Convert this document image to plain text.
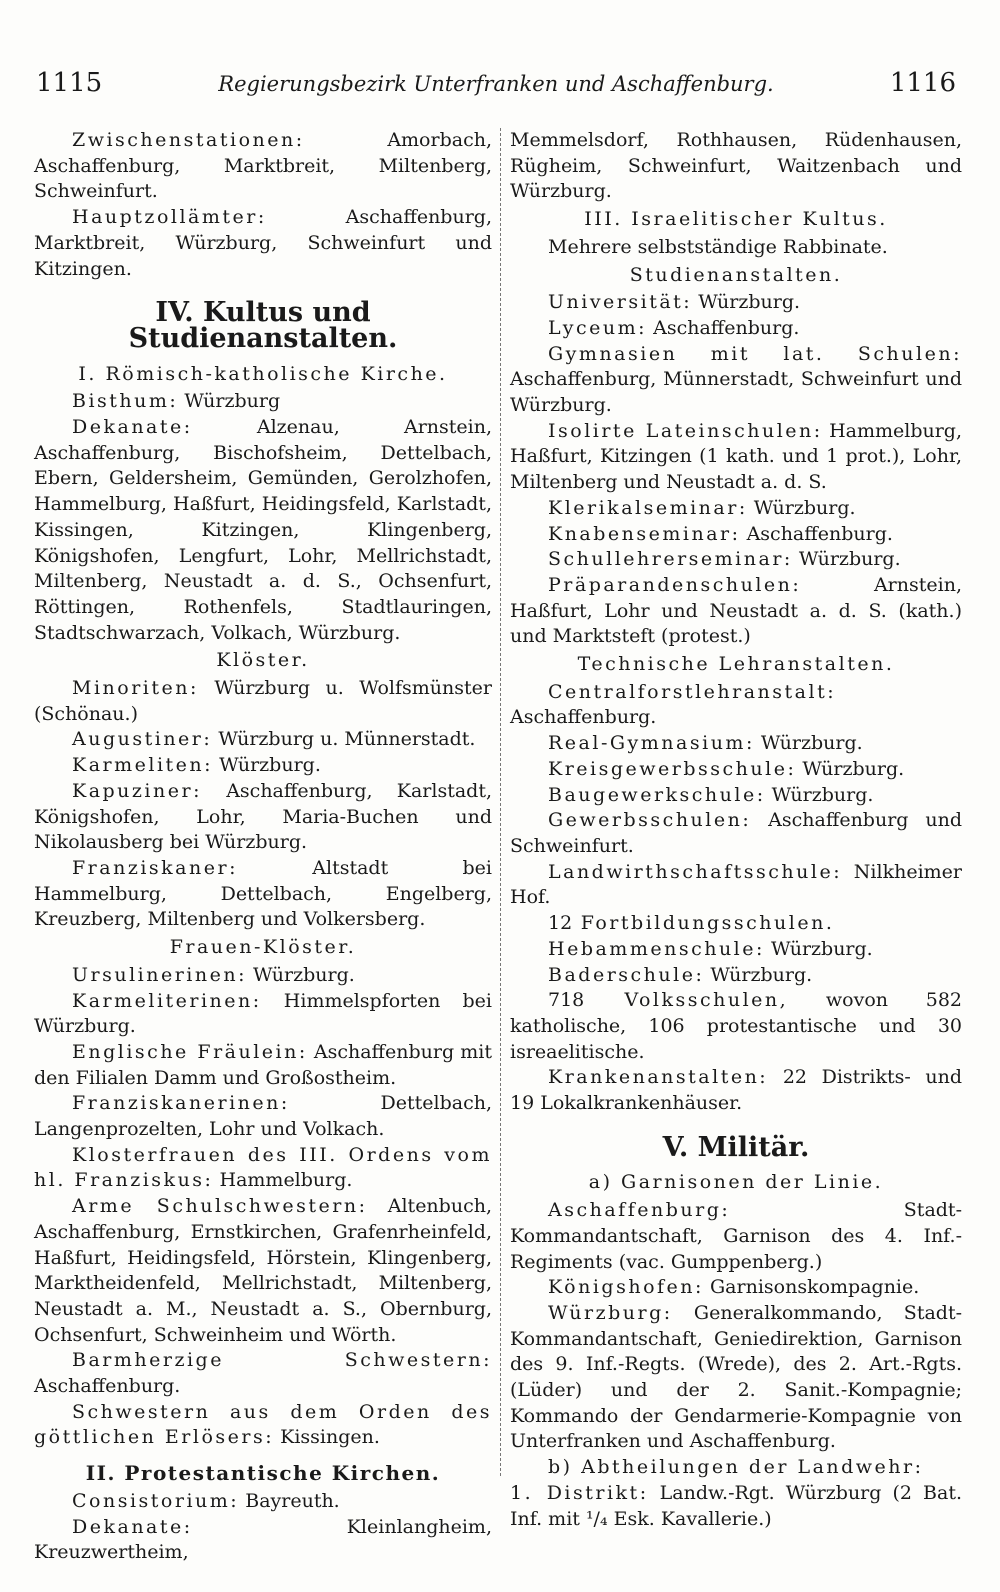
1115	Regierungsbezirk Unterfranken und Aschaffenburg.	1116

Zwischenstationen: Amorbach, Aschaffenburg, Marktbreit, Miltenberg, Schweinfurt.

Hauptzollämter: Aschaffenburg, Marktbreit, Würzburg, Schweinfurt und Kitzingen.

IV. Kultus und Studienanstalten.

I. Römisch-katholische Kirche.

Bisthum: Würzburg

Dekanate: Alzenau, Arnstein, Aschaffenburg, Bischofsheim, Dettelbach, Ebern, Geldersheim, Gemünden, Gerolzhofen, Hammelburg, Haßfurt, Heidingsfeld, Karlstadt, Kissingen, Kitzingen, Klingenberg, Königshofen, Lengfurt, Lohr, Mellrichstadt, Miltenberg, Neustadt a. d. S., Ochsenfurt, Röttingen, Rothenfels, Stadtlauringen, Stadtschwarzach, Volkach, Würzburg.

Klöster.

Minoriten: Würzburg u. Wolfsmünster (Schönau.)

Augustiner: Würzburg u. Münnerstadt.

Karmeliten: Würzburg.

Kapuziner: Aschaffenburg, Karlstadt, Königshofen, Lohr, Maria-Buchen und Nikolausberg bei Würzburg.

Franziskaner: Altstadt bei Hammelburg, Dettelbach, Engelberg, Kreuzberg, Miltenberg und Volkersberg.

Frauen-Klöster.

Ursulinerinen: Würzburg.

Karmeliterinen: Himmelspforten bei Würzburg.

Englische Fräulein: Aschaffenburg mit den Filialen Damm und Großostheim.

Franziskanerinen: Dettelbach, Langenprozelten, Lohr und Volkach.

Klosterfrauen des III. Ordens vom hl. Franziskus: Hammelburg.

Arme Schulschwestern: Altenbuch, Aschaffenburg, Ernstkirchen, Grafenrheinfeld, Haßfurt, Heidingsfeld, Hörstein, Klingenberg, Marktheidenfeld, Mellrichstadt, Miltenberg, Neustadt a. M., Neustadt a. S., Obernburg, Ochsenfurt, Schweinheim und Wörth.

Barmherzige Schwestern: Aschaffenburg.

Schwestern aus dem Orden des göttlichen Erlösers: Kissingen.

II. Protestantische Kirchen.

Consistorium: Bayreuth.

Dekanate: Kleinlangheim, Kreuzwertheim,

Memmelsdorf, Rothhausen, Rüdenhausen, Rügheim, Schweinfurt, Waitzenbach und Würzburg.

III. Israelitischer Kultus.

Mehrere selbstständige Rabbinate.

Studienanstalten.

Universität: Würzburg.

Lyceum: Aschaffenburg.

Gymnasien mit lat. Schulen: Aschaffenburg, Münnerstadt, Schweinfurt und Würzburg.

Isolirte Lateinschulen: Hammelburg, Haßfurt, Kitzingen (1 kath. und 1 prot.), Lohr, Miltenberg und Neustadt a. d. S.

Klerikalseminar: Würzburg.

Knabenseminar: Aschaffenburg.

Schullehrerseminar: Würzburg.

Präparandenschulen: Arnstein, Haßfurt, Lohr und Neustadt a. d. S. (kath.) und Marktsteft (protest.)

Technische Lehranstalten.

Centralforstlehranstalt: Aschaffenburg.

Real-Gymnasium: Würzburg.

Kreisgewerbsschule: Würzburg.

Baugewerkschule: Würzburg.

Gewerbsschulen: Aschaffenburg und Schweinfurt.

Landwirthschaftsschule: Nilkheimer Hof.

12 Fortbildungsschulen.

Hebammenschule: Würzburg.

Baderschule: Würzburg.

718 Volksschulen, wovon 582 katholische, 106 protestantische und 30 isreaelitische.

Krankenanstalten: 22 Distrikts- und 19 Lokalkrankenhäuser.

V. Militär.

a) Garnisonen der Linie.

Aschaffenburg: Stadt-Kommandantschaft, Garnison des 4. Inf.-Regiments (vac. Gumppenberg.)

Königshofen: Garnisonskompagnie.

Würzburg: Generalkommando, Stadt-Kommandantschaft, Geniedirektion, Garnison des 9. Inf.-Regts. (Wrede), des 2. Art.-Rgts. (Lüder) und der 2. Sanit.-Kompagnie; Kommando der Gendarmerie-Kompagnie von Unterfranken und Aschaffenburg.

b) Abtheilungen der Landwehr:

1. Distrikt: Landw.-Rgt. Würzburg (2 Bat. Inf. mit ¹/₄ Esk. Kavallerie.)
